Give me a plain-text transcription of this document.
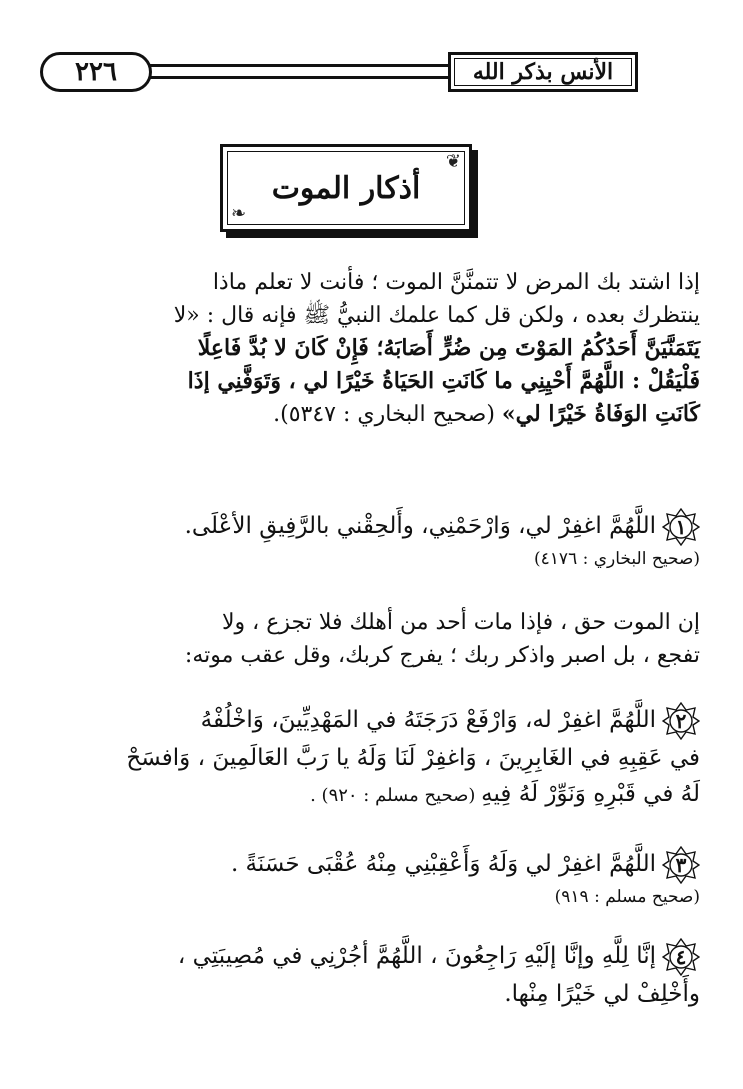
٢٢٦	الأنس بذكر الله
❦
❧
أذكار الموت

إذا اشتد بك المرض لا تتمنَّنَّ الموت ؛ فأنت لا تعلم ماذا

ينتظرك بعده ، ولكن قل كما علمك النبيُّ ﷺ فإنه قال : «لا

يَتَمَنَّيَنَّ أَحَدُكُمُ المَوْتَ مِن ضُرٍّ أَصَابَهُ؛ فَإِنْ كَانَ لا بُدَّ فَاعِلًا

فَلْيَقُلْ : اللَّهُمَّ أَحْيِنِي ما كَانَتِ الحَيَاةُ خَيْرًا لي ، وَتَوَفَّنِي إذَا

كَانَتِ الوَفَاةُ خَيْرًا لي» (صحيح البخاري : ٥٣٤٧).

١
اللَّهُمَّ اغفِرْ لي، وَارْحَمْنِي، وأَلحِقْني بالرَّفِيقِ الأعْلَى.

(صحيح البخاري : ٤١٧٦)

إن الموت حق ، فإذا مات أحد من أهلك فلا تجزع ، ولا

تفجع ، بل اصبر واذكر ربك ؛ يفرج كربك، وقل عقب موته:

٢
اللَّهُمَّ اغفِرْ له، وَارْفَعْ دَرَجَتَهُ في المَهْدِيِّينَ، وَاخْلُفْهُ

في عَقِبِهِ في الغَابِرِينَ ، وَاغفِرْ لَنَا وَلَهُ يا رَبَّ العَالَمِينَ ، وَافسَحْ

لَهُ في قَبْرِهِ وَنَوِّرْ لَهُ فِيهِ (صحيح مسلم : ٩٢٠) .

٣
اللَّهُمَّ اغفِرْ لي وَلَهُ وَأَعْقِبْنِي مِنْهُ عُقْبَى حَسَنَةً .

(صحيح مسلم : ٩١٩)

٤
إنَّا لِلَّهِ وإنَّا إلَيْهِ رَاجِعُونَ ، اللَّهُمَّ أجُرْنِي في مُصِيبَتِي ،

وأَخْلِفْ لي خَيْرًا مِنْها.
